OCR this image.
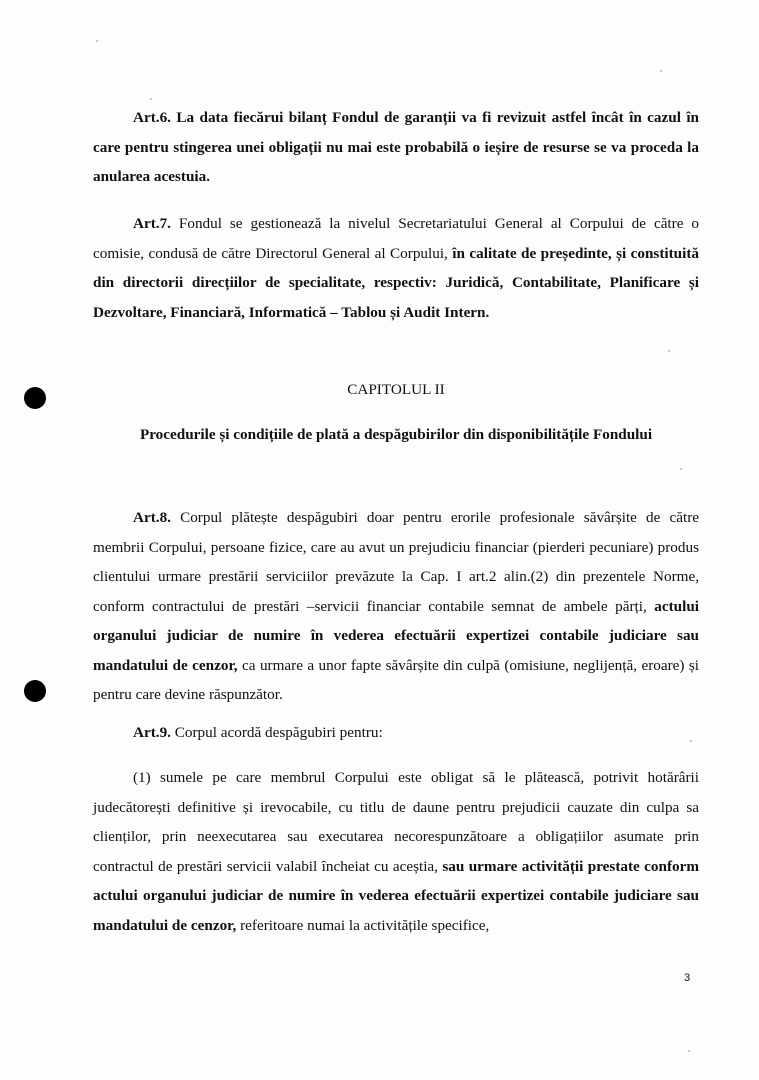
Art.6. La data fiecărui bilanț Fondul de garanții va fi revizuit astfel încât în cazul în care pentru stingerea unei obligații nu mai este probabilă o ieșire de resurse se va proceda la anularea acestuia.

Art.7. Fondul se gestionează la nivelul Secretariatului General al Corpului de către o comisie, condusă de către Directorul General al Corpului, în calitate de președinte, și constituită din directorii direcțiilor de specialitate, respectiv: Juridică, Contabilitate, Planificare și Dezvoltare, Financiară, Informatică – Tablou și Audit Intern.

CAPITOLUL II

Procedurile și condițiile de plată a despăgubirilor din disponibilitățile Fondului

Art.8. Corpul plătește despăgubiri doar pentru erorile profesionale săvârșite de către membrii Corpului, persoane fizice, care au avut un prejudiciu financiar (pierderi pecuniare) produs clientului urmare prestării serviciilor prevăzute la Cap. I art.2 alin.(2) din prezentele Norme, conform contractului de prestări –servicii financiar contabile semnat de ambele părți, actului organului judiciar de numire în vederea efectuării expertizei contabile judiciare sau mandatului de cenzor, ca urmare a unor fapte săvârșite din culpă (omisiune, neglijență, eroare) și pentru care devine răspunzător.

Art.9. Corpul acordă despăgubiri pentru:

(1) sumele pe care membrul Corpului este obligat să le plătească, potrivit hotărârii judecătorești definitive și irevocabile, cu titlu de daune pentru prejudicii cauzate din culpa sa clienților, prin neexecutarea sau executarea necorespunzătoare a obligațiilor asumate prin contractul de prestări servicii valabil încheiat cu aceștia, sau urmare activității prestate conform actului organului judiciar de numire în vederea efectuării expertizei contabile judiciare sau mandatului de cenzor, referitoare numai la activitățile specifice,

3
